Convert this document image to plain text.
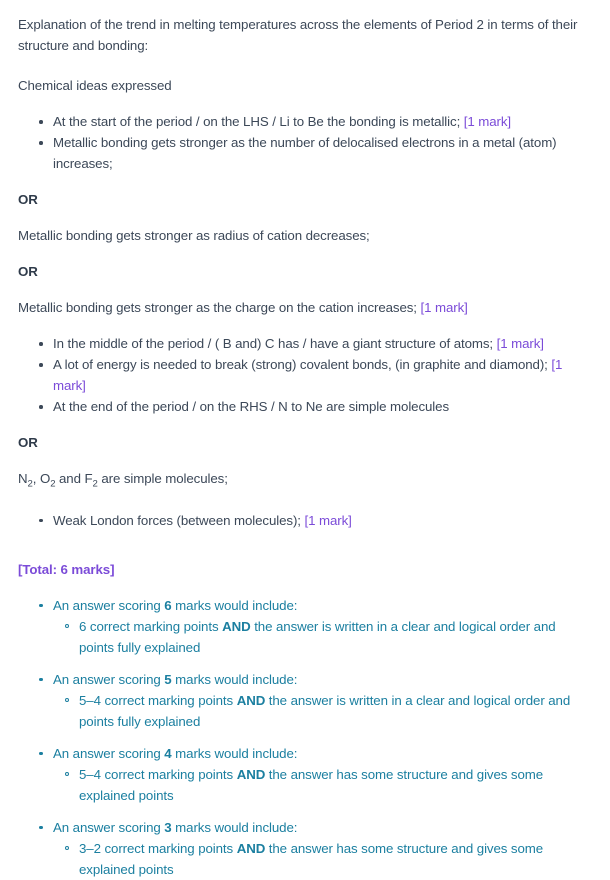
Explanation of the trend in melting temperatures across the elements of Period 2 in terms of their structure and bonding:

Chemical ideas expressed

At the start of the period / on the LHS / Li to Be the bonding is metallic; [1 mark]
Metallic bonding gets stronger as the number of delocalised electrons in a metal (atom) increases;
OR

Metallic bonding gets stronger as radius of cation decreases;

OR

Metallic bonding gets stronger as the charge on the cation increases; [1 mark]

In the middle of the period / ( B and) C has / have a giant structure of atoms; [1 mark]
A lot of energy is needed to break (strong) covalent bonds, (in graphite and diamond); [1 mark]
At the end of the period / on the RHS / N to Ne are simple molecules
OR

$N_2$, $O_2$ and $F_2$ are simple molecules;

Weak London forces (between molecules); [1 mark]
[Total: 6 marks]
An answer scoring 6 marks would include:
6 correct marking points AND the answer is written in a clear and logical order and points fully explained
An answer scoring 5 marks would include:
5–4 correct marking points AND the answer is written in a clear and logical order and points fully explained
An answer scoring 4 marks would include:
5–4 correct marking points AND the answer has some structure and gives some explained points
An answer scoring 3 marks would include:
3–2 correct marking points AND the answer has some structure and gives some explained points
